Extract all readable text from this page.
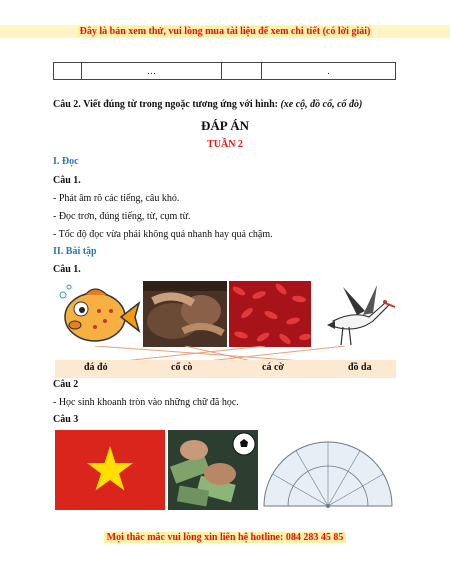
Đây là bản xem thử, vui lòng mua tài liệu để xem chi tiết (có lời giải)
	…		.
Câu 2. Viết đúng từ trong ngoặc tương ứng với hình: (xe cộ, đồ cổ, cổ đò)
ĐÁP ÁN
TUẦN 2
I. Đọc
Câu 1.
- Phát âm rõ các tiếng, câu khó.
- Đọc trơn, đúng tiếng, từ, cụm từ.
- Tốc độ đọc vừa phải không quá nhanh hay quá chậm.
II. Bài tập
Câu 1.
đá đỏ	cổ cò	cá cờ	đồ da
Câu 2
- Học sinh khoanh tròn vào những chữ đã học.
Câu 3
Mọi thắc mắc vui lòng xin liên hệ hotline: 084 283 45 85
